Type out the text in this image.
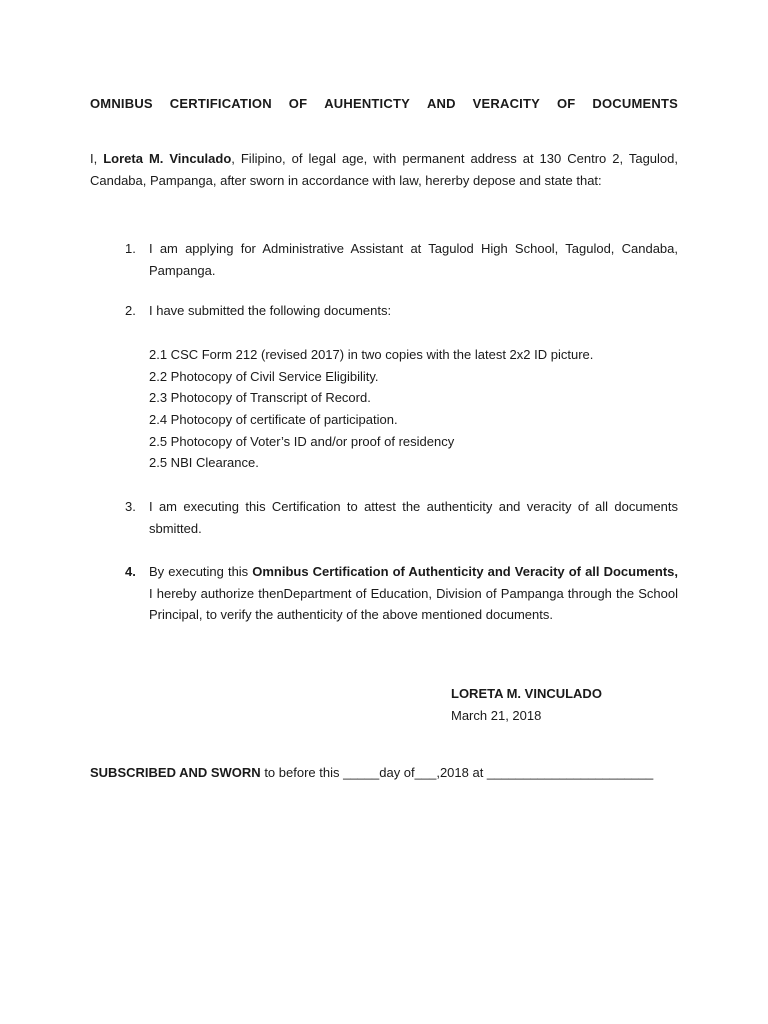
OMNIBUS CERTIFICATION OF AUHENTICTY AND VERACITY OF DOCUMENTS
I, Loreta M. Vinculado, Filipino, of legal age, with permanent address at 130 Centro 2, Tagulod, Candaba, Pampanga, after sworn in accordance with law, hererby depose and state that:
1. I am applying for Administrative Assistant at Tagulod High School, Tagulod, Candaba, Pampanga.
2. I have submitted the following documents:
2.1 CSC Form 212 (revised 2017) in two copies with the latest 2x2 ID picture.
2.2 Photocopy of Civil Service Eligibility.
2.3 Photocopy of Transcript of Record.
2.4 Photocopy of certificate of participation.
2.5 Photocopy of Voter’s ID and/or proof of residency
2.5 NBI Clearance.
3. I am executing this Certification to attest the authenticity and veracity of all documents sbmitted.
4. By executing this Omnibus Certification of Authenticity and Veracity of all Documents, I hereby authorize thenDepartment of Education, Division of Pampanga through the School Principal, to verify the authenticity of the above mentioned documents.
LORETA M. VINCULADO
March 21, 2018
SUBSCRIBED AND SWORN to before this _____day of___,2018 at _______________________
